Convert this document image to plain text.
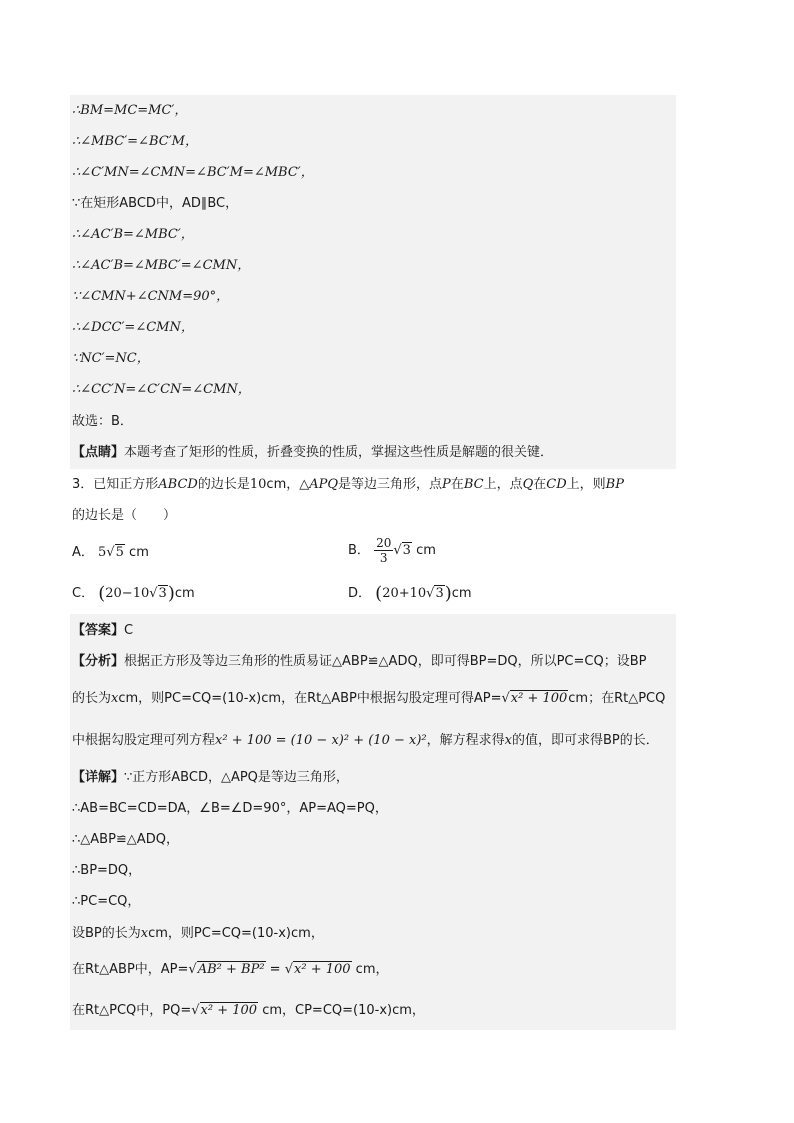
∴BM=MC=MC′，
∴∠MBC′=∠BC′M，
∴∠C′MN=∠CMN=∠BC′M=∠MBC′，
∵在矩形ABCD中，AD∥BC，
∴∠AC′B=∠MBC′，
∴∠AC′B=∠MBC′=∠CMN，
∵∠CMN+∠CNM=90°，
∴∠DCC′=∠CMN，
∵NC′=NC，
∴∠CC′N=∠C′CN=∠CMN，
故选：B．
【点睛】本题考查了矩形的性质，折叠变换的性质，掌握这些性质是解题的很关键．
3．已知正方形ABCD的边长是10cm，△APQ是等边三角形，点P在BC上，点Q在CD上，则BP
的边长是（　　）
A． 5√5 cm	B． $\frac{20}{3} √3$ cm
C． (20−10√3)cm	D． (20+10√3)cm
【答案】C
【分析】根据正方形及等边三角形的性质易证△ABP≌△ADQ，即可得BP=DQ，所以PC=CQ；设BP
的长为xcm，则PC=CQ=(10-x)cm，在Rt△ABP中根据勾股定理可得AP=√x² + 100cm；在Rt△PCQ
中根据勾股定理可列方程x² + 100 = (10 − x)² + (10 − x)²，解方程求得x的值，即可求得BP的长．
【详解】∵正方形ABCD，△APQ是等边三角形，
∴AB=BC=CD=DA，∠B=∠D=90°，AP=AQ=PQ，
∴△ABP≌△ADQ，
∴BP=DQ，
∴PC=CQ，
设BP的长为xcm，则PC=CQ=(10-x)cm，
在Rt△ABP中，AP=√AB² + BP² = √x² + 100 cm，
在Rt△PCQ中，PQ=√x² + 100 cm，CP=CQ=(10-x)cm，
